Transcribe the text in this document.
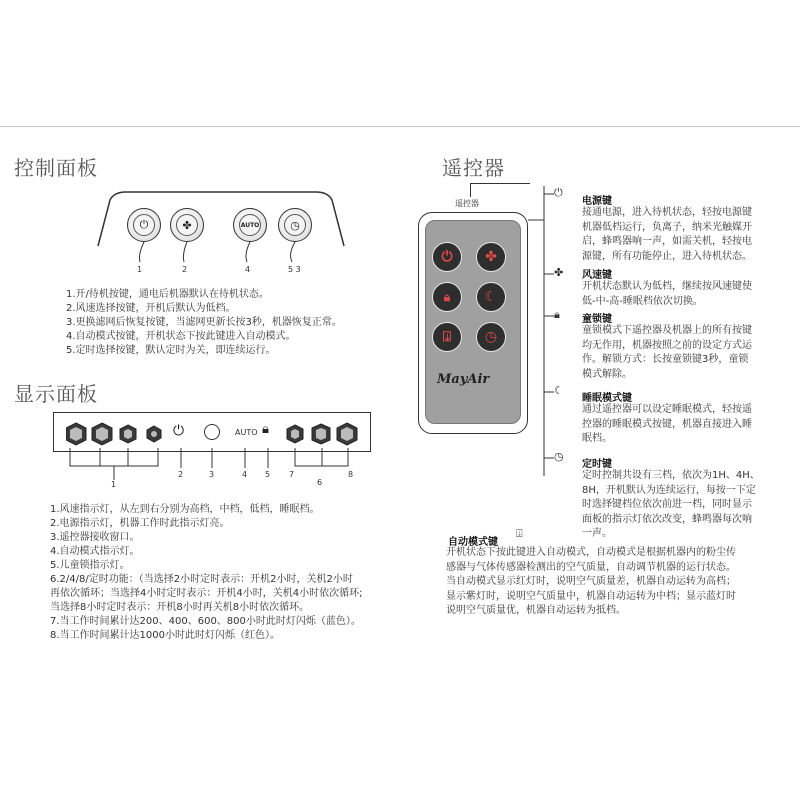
控制面板
⏻	✤	AUTO	◷
1	2	4	5 3

1.开/待机按键，通电后机器默认在待机状态。

2.风速选择按键，开机后默认为低档。

3.更换滤网后恢复按键，当滤网更新长按3秒，机器恢复正常。

4.自动模式按键，开机状态下按此键进入自动模式。

5.定时选择按键，默认定时为关，即连续运行。

显示面板
⏻	AUTO 🔒︎
1
2	3	4 5 7
6
8

1.风速指示灯，从左到右分别为高档，中档，低档，睡眠档。

2.电源指示灯，机器工作时此指示灯亮。

3.遥控器接收窗口。

4.自动模式指示灯。

5.儿童锁指示灯。

6.2/4/8/定时功能：（当选择2小时定时表示：开机2小时，关机2小时

再依次循环；当选择4小时定时表示：开机4小时，关机4小时依次循环;

当选择8小时定时表示：开机8小时再关机8小时依次循环。

7.当工作时间累计达200、400、600、800小时此时灯闪烁（蓝色）。

8.当工作时间累计达1000小时此时灯闪烁（红色）。

遥控器
遥控器
⏻ ✤
🔒︎ ☾
⍗ ◷
MayAir
⏻
电源键
接通电源，进入待机状态，轻按电源键
机器低档运行，负离子，纳米光触媒开
启，蜂鸣器响一声，如需关机，轻按电
源键，所有功能停止，进入待机状态。
✤ 风速键
开机状态默认为低档，继续按风速键使
低-中-高-睡眠档依次切换。
🔒︎ 童锁键
童锁模式下遥控器及机器上的所有按键
均无作用，机器按照之前的设定方式运
作。解锁方式：长按童锁键3秒，童锁
模式解除。
☾
睡眠模式键
通过遥控器可以设定睡眠模式，轻按遥
控器的睡眠模式按键，机器直接进入睡
眠档。
◷
定时键
定时控制共设有三档，依次为1H、4H、
8H，开机默认为连续运行，每按一下定
时选择键档位依次前进一档，同时显示
面板的指示灯依次改变，蜂鸣器每次响
一声。
自动模式键
⍗
开机状态下按此键进入自动模式，自动模式是根据机器内的粉尘传
感器与气体传感器检测出的空气质量，自动调节机器的运行状态。
当自动模式显示红灯时，说明空气质量差，机器自动运转为高档；
显示紫灯时，说明空气质量中，机器自动运转为中档；显示蓝灯时
说明空气质量优，机器自动运转为抵档。
